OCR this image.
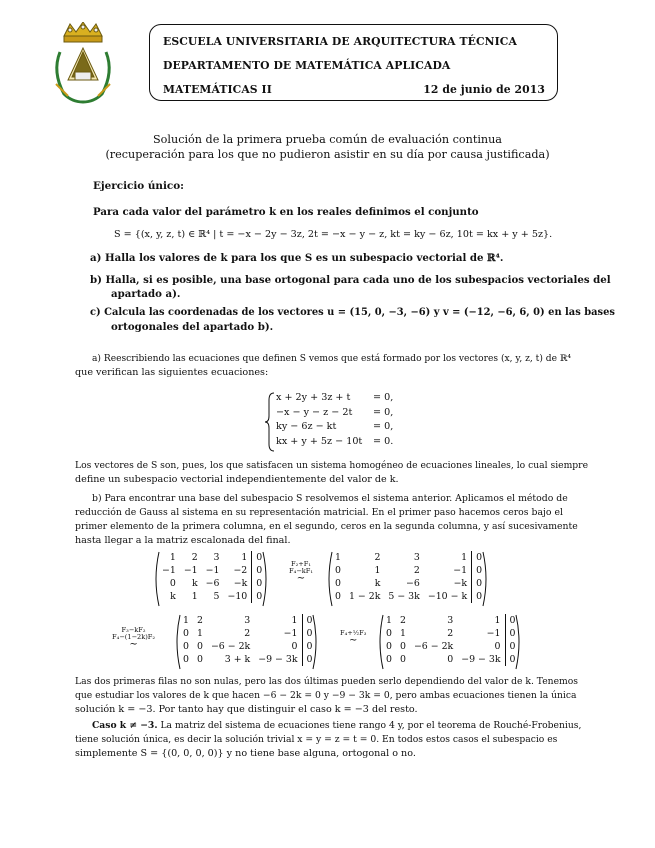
ESCUELA UNIVERSITARIA DE ARQUITECTURA TÉCNICA
DEPARTAMENTO DE MATEMÁTICA APLICADA
MATEMÁTICAS II	12 de junio de 2013
Solución de la primera prueba común de evaluación continua
(recuperación para los que no pudieron asistir en su día por causa justificada)
Ejercicio único:
Para cada valor del parámetro k en los reales definimos el conjunto
S = {(x, y, z, t) ∈ ℝ⁴ | t = −x − 2y − 3z, 2t = −x − y − z, kt = ky − 6z, 10t = kx + y + 5z}.
a) Halla los valores de k para los que S es un subespacio vectorial de ℝ⁴.
b) Halla, si es posible, una base ortogonal para cada uno de los subespacios vectoriales del
apartado a).
c) Calcula las coordenadas de los vectores u = (15, 0, −3, −6) y v = (−12, −6, 6, 0) en las bases
ortogonales del apartado b).
a) Reescribiendo las ecuaciones que definen S vemos que está formado por los vectores (x, y, z, t) de ℝ⁴
que verifican las siguientes ecuaciones:
x + 2y + 3z + t = 0,
−x − y − z − 2t = 0,
ky − 6z − kt	= 0,
kx + y + 5z − 10t = 0.
Los vectores de S son, pues, los que satisfacen un sistema homogéneo de ecuaciones lineales, lo cual siempre
define un subespacio vectorial independientemente del valor de k.
b) Para encontrar una base del subespacio S resolvemos el sistema anterior. Aplicamos el método de
reducción de Gauss al sistema en su representación matricial. En el primer paso hacemos ceros bajo el
primer elemento de la primera columna, en el segundo, ceros en la segunda columna, y así sucesivamente
hasta llegar a la matriz escalonada del final.
1	2	3	1	0
−1	−1	−1	−2	0
0	k	−6	−k	0
k	1	5	−10	0
F₂+F₁
F₄−kF₁
∼
1	2	3	1	0
0	1	2	−1	0
0	k	−6	−k	0
0	1 − 2k	5 − 3k	−10 − k	0
F₃−kF₂
F₄−(1−2k)F₂
∼
1	2	3	1	0
0	1	2	−1	0
0	0	−6 − 2k	0	0
0	0	3 + k	−9 − 3k	0
F₄+½F₃
∼
1	2	3	1	0
0	1	2	−1	0
0	0	−6 − 2k	0	0
0	0	0	−9 − 3k	0
Las dos primeras filas no son nulas, pero las dos últimas pueden serlo dependiendo del valor de k. Tenemos
que estudiar los valores de k que hacen −6 − 2k = 0 y −9 − 3k = 0, pero ambas ecuaciones tienen la única
solución k = −3. Por tanto hay que distinguir el caso k = −3 del resto.
Caso k ≠ −3. La matriz del sistema de ecuaciones tiene rango 4 y, por el teorema de Rouché-Frobenius,
tiene solución única, es decir la solución trivial x = y = z = t = 0. En todos estos casos el subespacio es
simplemente S = {(0, 0, 0, 0)} y no tiene base alguna, ortogonal o no.
